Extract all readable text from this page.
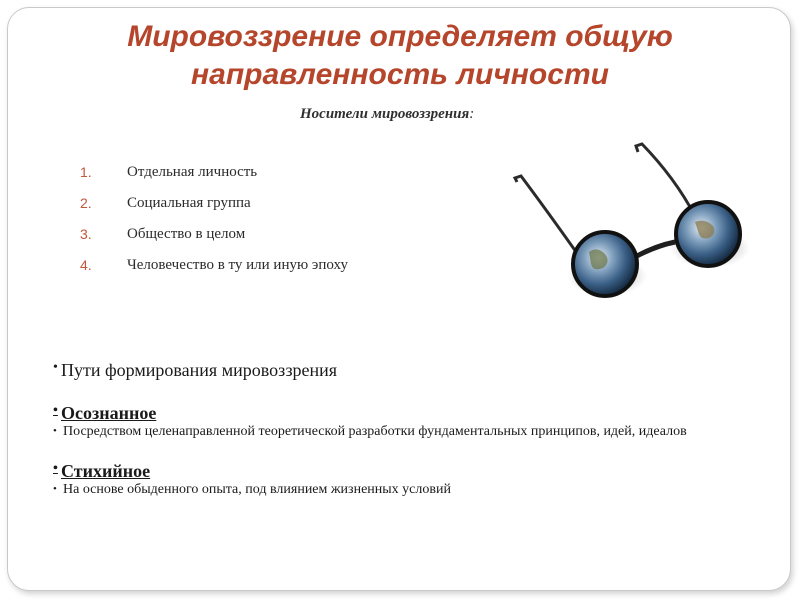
Мировоззрение определяет общую
направленность личности
Носители мировоззрения:
1.	Отдельная личность
2.	Социальная группа
3.	Общество в целом
4.	Человечество в ту или иную эпоху
• Пути формирования мировоззрения
• Осознанное
• Посредством целенаправленной теоретической разработки фундаментальных принципов, идей, идеалов
• Стихийное
• На основе обыденного опыта, под влиянием жизненных условий
